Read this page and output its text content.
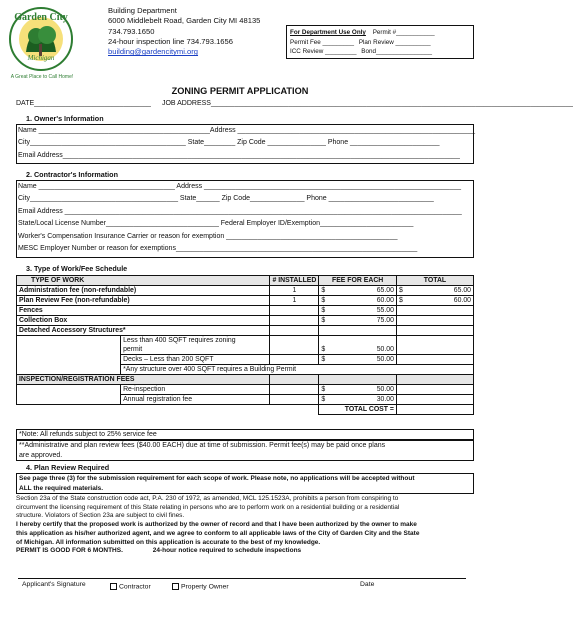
Garden City
Michigan
A Great Place to Call Home!
Building Department
6000 Middlebelt Road, Garden City MI 48135
734.793.1650
24-hour inspection line 734.793.1656
building@gardencitymi.org
For Department Use Only Permit #___________
Permit Fee _________ Plan Review __________
ICC Review _________ Bond________________
ZONING PERMIT APPLICATION
DATE______________________________ JOB ADDRESS_____________________________________________________________________________________________
1. Owner's Information
Name ____________________________________________Address _____________________________________________________________
City________________________________________ State________ Zip Code _______________ Phone _______________________
Email Address______________________________________________________________________________________________________
2. Contractor's Information
Name ___________________________________ Address __________________________________________________________________
City______________________________________ State______ Zip Code______________ Phone ___________________________
Email Address ______________________________________________________________________________________________________
State/Local License Number_____________________________ Federal Employer ID/Exemption________________________
Worker's Compensation Insurance Carrier or reason for exemption ____________________________________________
MESC Employer Number or reason for exemptions______________________________________________________________
3. Type of Work/Fee Schedule
TYPE OF WORK		# INSTALLED	FEE FOR EACH	TOTAL
Administration fee (non-refundable)		1	$ 65.00	$ 65.00

Plan Review Fee (non-refundable)		1	$ 60.00	$ 60.00

Fences			$ 55.00	

Collection Box			$ 75.00	

Detached Accessory Structures*				
	Less than 400 SQFT requires zoning			
	permit		$ 50.00	

	Decks – Less than 200 SQFT		$ 50.00	

	*Any structure over 400 SQFT requires a Building Permit			
INSPECTION/REGISTRATION FEES				
	Re-inspection		$ 50.00	

	Annual registration fee		$ 30.00	

			TOTAL COST =	
*Note: All refunds subject to 25% service fee
**Administrative and plan review fees ($40.00 EACH) due at time of submission. Permit fee(s) may be paid once plans
are approved.
4. Plan Review Required
See page three (3) for the submission requirement for each scope of work. Please note, no applications will be accepted without
ALL the required materials.
Section 23a of the State construction code act, P.A. 230 of 1972, as amended, MCL 125.1523A, prohibits a person from conspiring to
circumvent the licensing requirement of this State relating in persons who are to perform work on a residential building or a residential
structure. Violators of Section 23a are subject to civil fines.
I hereby certify that the proposed work is authorized by the owner of record and that I have been authorized by the owner to make
this application as his/her authorized agent, and we agree to conform to all applicable laws of the City of Garden City and the State
of Michigan. All information submitted on this application is accurate to the best of my knowledge.
PERMIT IS GOOD FOR 6 MONTHS.	24-hour notice required to schedule inspections
Applicant's Signature	Contractor	Property Owner	Date
